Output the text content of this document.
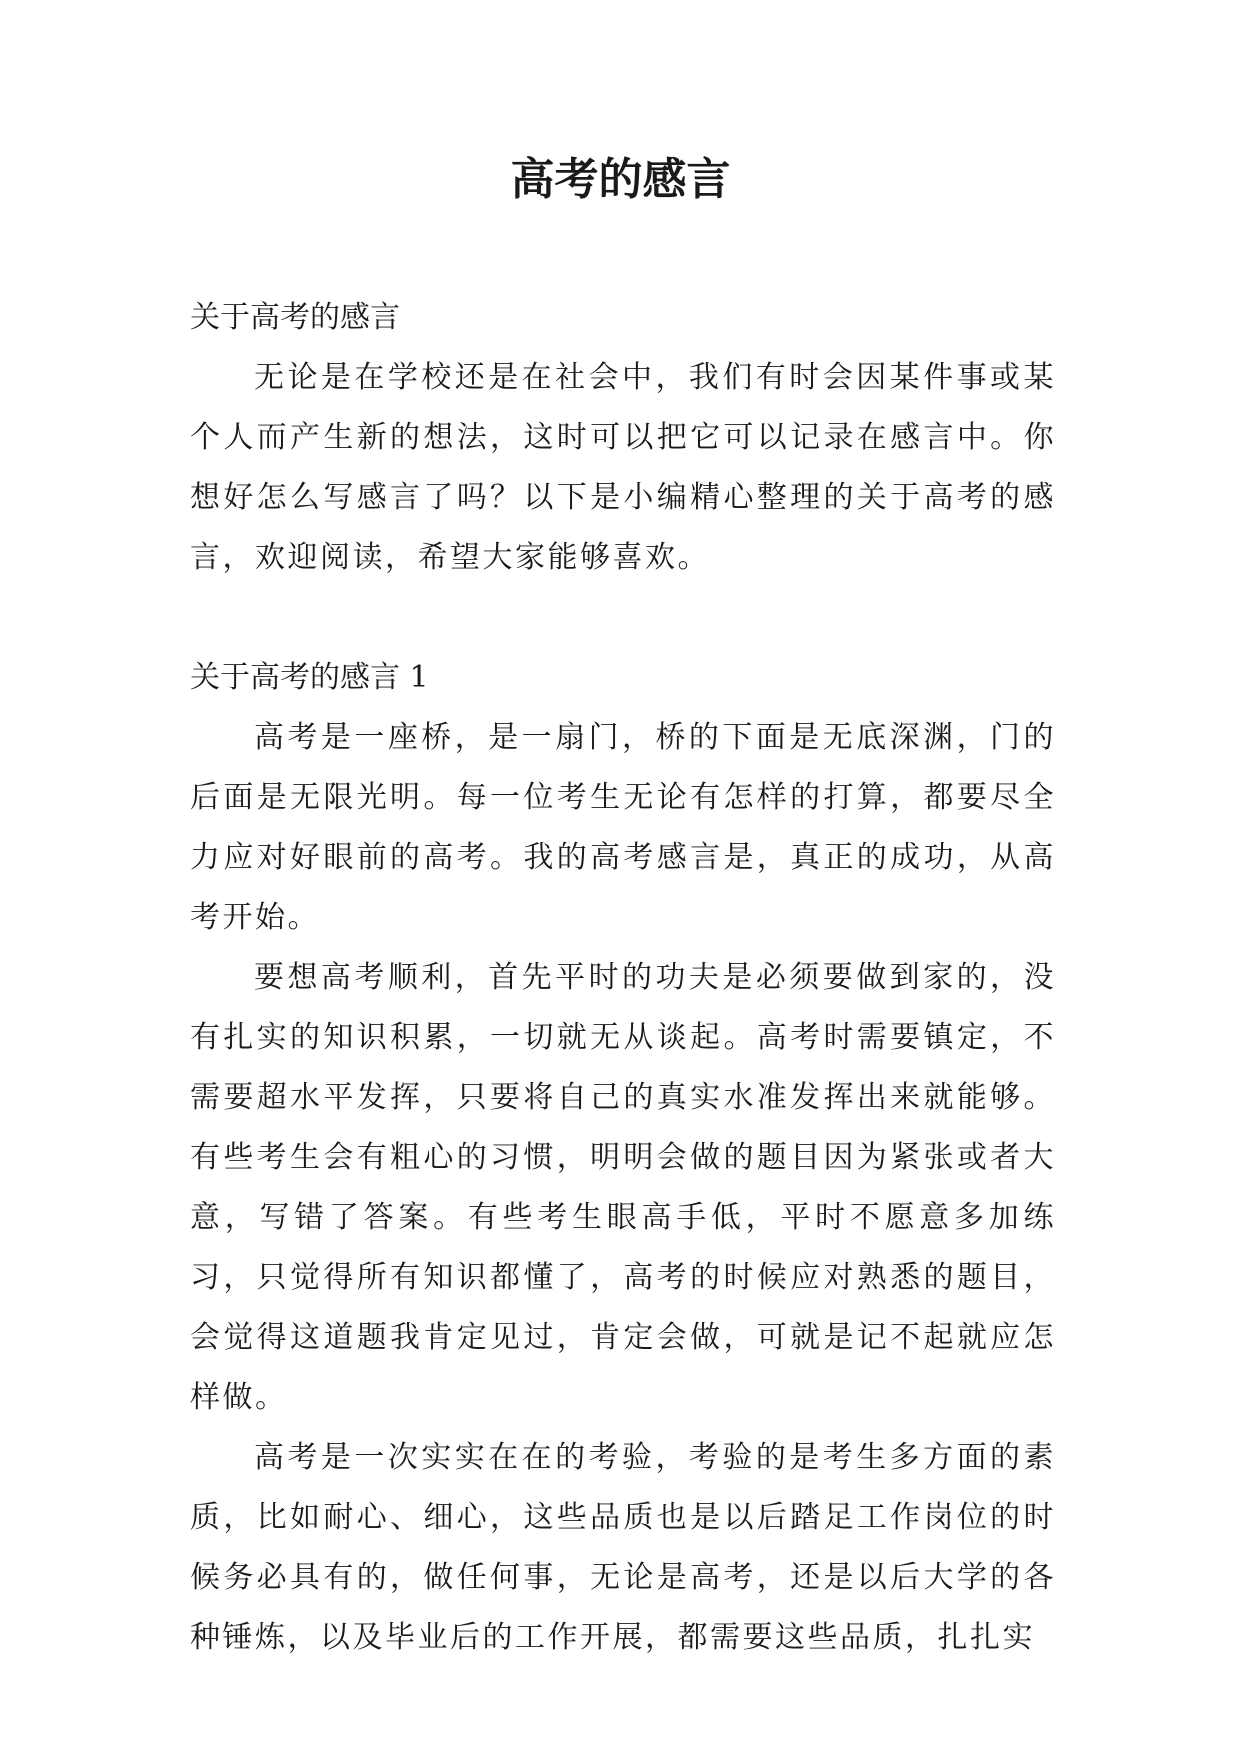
高考的感言

关于高考的感言

无论是在学校还是在社会中，我们有时会因某件事或某个人而产生新的想法，这时可以把它可以记录在感言中。你想好怎么写感言了吗？以下是小编精心整理的关于高考的感言，欢迎阅读，希望大家能够喜欢。

关于高考的感言 1

高考是一座桥，是一扇门，桥的下面是无底深渊，门的后面是无限光明。每一位考生无论有怎样的打算，都要尽全力应对好眼前的高考。我的高考感言是，真正的成功，从高考开始。

要想高考顺利，首先平时的功夫是必须要做到家的，没有扎实的知识积累，一切就无从谈起。高考时需要镇定，不需要超水平发挥，只要将自己的真实水准发挥出来就能够。有些考生会有粗心的习惯，明明会做的题目因为紧张或者大意，写错了答案。有些考生眼高手低，平时不愿意多加练习，只觉得所有知识都懂了，高考的时候应对熟悉的题目，会觉得这道题我肯定见过，肯定会做，可就是记不起就应怎样做。

高考是一次实实在在的考验，考验的是考生多方面的素质，比如耐心、细心，这些品质也是以后踏足工作岗位的时候务必具有的，做任何事，无论是高考，还是以后大学的各种锤炼，以及毕业后的工作开展，都需要这些品质，扎扎实
